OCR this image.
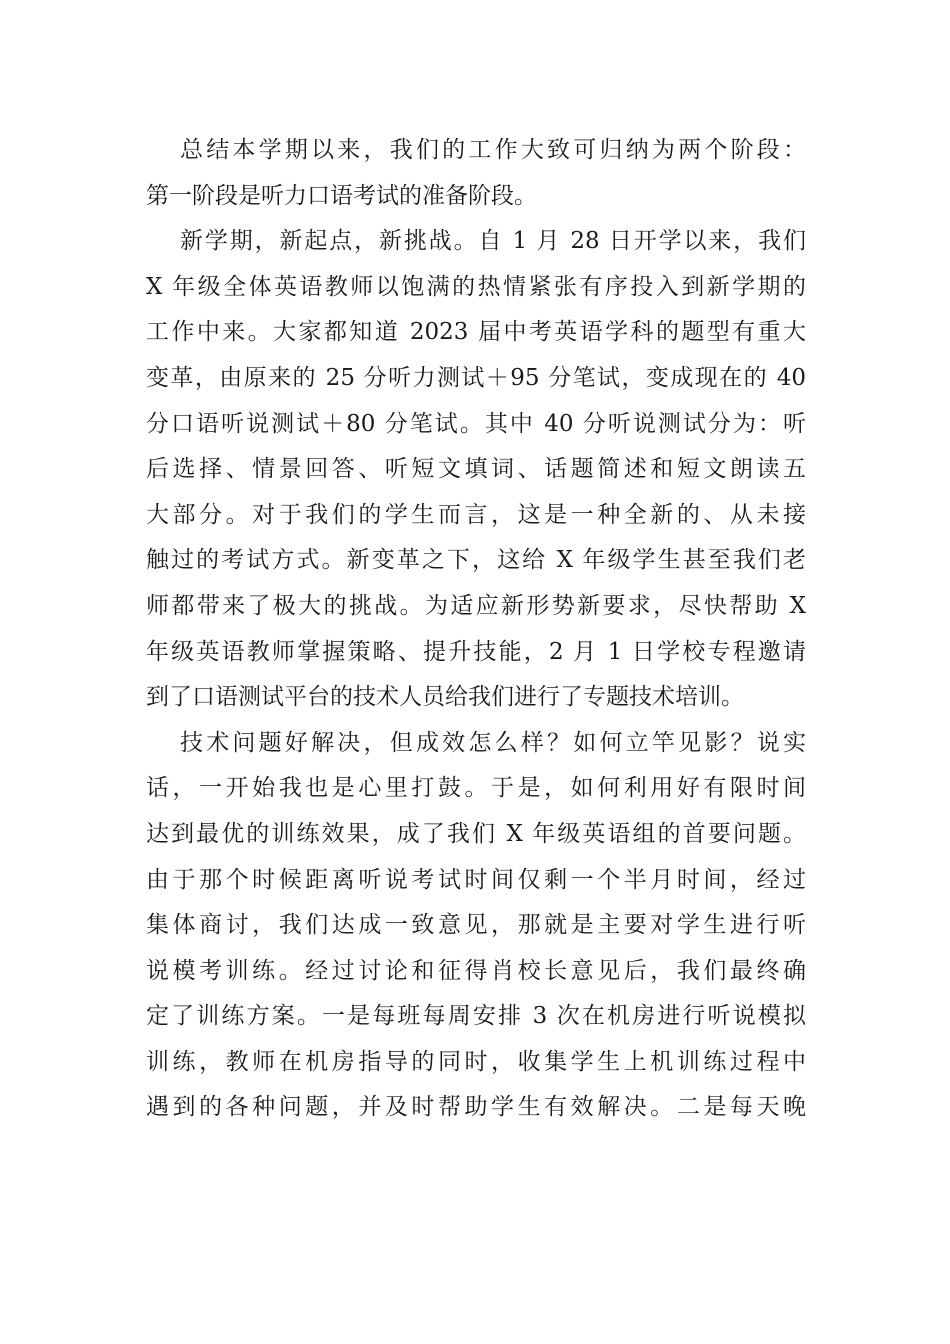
总结本学期以来，我们的工作大致可归纳为两个阶段：
第一阶段是听力口语考试的准备阶段。
新学期，新起点，新挑战。自 1 月 28 日开学以来，我们
X 年级全体英语教师以饱满的热情紧张有序投入到新学期的
工作中来。大家都知道 2023 届中考英语学科的题型有重大
变革，由原来的 25 分听力测试＋95 分笔试，变成现在的 40
分口语听说测试＋80 分笔试。其中 40 分听说测试分为：听
后选择、情景回答、听短文填词、话题简述和短文朗读五
大部分。对于我们的学生而言，这是一种全新的、从未接
触过的考试方式。新变革之下，这给 X 年级学生甚至我们老
师都带来了极大的挑战。为适应新形势新要求，尽快帮助 X
年级英语教师掌握策略、提升技能，2 月 1 日学校专程邀请
到了口语测试平台的技术人员给我们进行了专题技术培训。
技术问题好解决，但成效怎么样？如何立竿见影？说实
话，一开始我也是心里打鼓。于是，如何利用好有限时间
达到最优的训练效果，成了我们 X 年级英语组的首要问题。
由于那个时候距离听说考试时间仅剩一个半月时间，经过
集体商讨，我们达成一致意见，那就是主要对学生进行听
说模考训练。经过讨论和征得肖校长意见后，我们最终确
定了训练方案。一是每班每周安排 3 次在机房进行听说模拟
训练，教师在机房指导的同时，收集学生上机训练过程中
遇到的各种问题，并及时帮助学生有效解决。二是每天晚
